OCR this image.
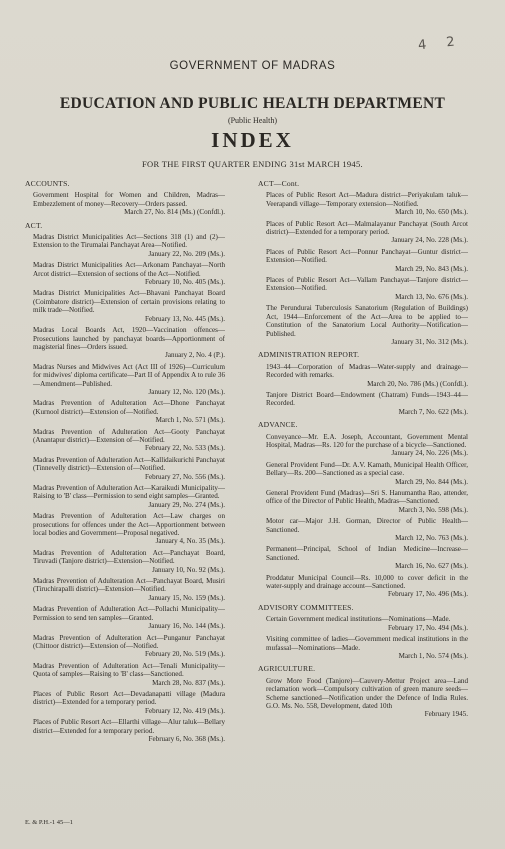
4 2
GOVERNMENT OF MADRAS
EDUCATION AND PUBLIC HEALTH DEPARTMENT
(Public Health)
INDEX
FOR THE FIRST QUARTER ENDING 31st MARCH 1945.
ACCOUNTS.
Government Hospital for Women and Children, Madras—Embezzlement of money—Recovery—Orders passed.
March 27, No. 814 (Ms.) (Confdl.).
ACT.
Madras District Municipalities Act—Sections 318 (1) and (2)—Extension to the Tirumalai Panchayat Area—Notified.
January 22, No. 209 (Ms.).
Madras District Municipalities Act—Arkonam Panchayat—North Arcot district—Extension of sections of the Act—Notified.
February 10, No. 405 (Ms.).
Madras District Municipalities Act—Bhavani Panchayat Board (Coimbatore district)—Extension of certain provisions relating to milk trade—Notified.
February 13, No. 445 (Ms.).
Madras Local Boards Act, 1920—Vaccination offences—Prosecutions launched by panchayat boards—Apportionment of magisterial fines—Orders issued.
January 2, No. 4 (P.).
Madras Nurses and Midwives Act (Act III of 1926)—Curriculum for midwives' diploma certificate—Part II of Appendix A to rule 36—Amendment—Published.
January 12, No. 120 (Ms.).
Madras Prevention of Adulteration Act—Dhone Panchayat (Kurnool district)—Extension of—Notified.
March 1, No. 571 (Ms.).
Madras Prevention of Adulteration Act—Gooty Panchayat (Anantapur district)—Extension of—Notified.
February 22, No. 533 (Ms.).
Madras Prevention of Adulteration Act—Kallidaikurichi Panchayat (Tinnevelly district)—Extension of—Notified.
February 27, No. 556 (Ms.).
Madras Prevention of Adulteration Act—Karaikudi Municipality—Raising to 'B' class—Permission to send eight samples—Granted.
January 29, No. 274 (Ms.).
Madras Prevention of Adulteration Act—Law charges on prosecutions for offences under the Act—Apportionment between local bodies and Government—Proposal negatived.
January 4, No. 35 (Ms.).
Madras Prevention of Adulteration Act—Panchayat Board, Tiruvadi (Tanjore district)—Extension—Notified.
January 10, No. 92 (Ms.).
Madras Prevention of Adulteration Act—Panchayat Board, Musiri (Tiruchirapalli district)—Extension—Notified.
January 15, No. 159 (Ms.).
Madras Prevention of Adulteration Act—Pollachi Municipality—Permission to send ten samples—Granted.
January 16, No. 144 (Ms.).
Madras Prevention of Adulteration Act—Punganur Panchayat (Chittoor district)—Extension of—Notified.
February 20, No. 519 (Ms.).
Madras Prevention of Adulteration Act—Tenali Municipality—Quota of samples—Raising to 'B' class—Sanctioned.
March 28, No. 837 (Ms.).
Places of Public Resort Act—Devadanapatti village (Madura district)—Extended for a temporary period.
February 12, No. 419 (Ms.).
Places of Public Resort Act—Ellarthi village—Alur taluk—Bellary district—Extended for a temporary period.
February 6, No. 368 (Ms.).
ACT—Cont.
Places of Public Resort Act—Madura district—Periyakulam taluk—Veerapandi village—Temporary extension—Notified.
March 10, No. 650 (Ms.).
Places of Public Resort Act—Malmalayanur Panchayat (South Arcot district)—Extended for a temporary period.
January 24, No. 228 (Ms.).
Places of Public Resort Act—Ponnur Panchayat—Guntur district—Extension—Notified.
March 29, No. 843 (Ms.).
Places of Public Resort Act—Vallam Panchayat—Tanjore district—Extension—Notified.
March 13, No. 676 (Ms.).
The Perundurai Tuberculosis Sanatorium (Regulation of Buildings) Act, 1944—Enforcement of the Act—Area to be applied to—Constitution of the Sanatorium Local Authority—Notification—Published.
January 31, No. 312 (Ms.).
ADMINISTRATION REPORT.
1943–44—Corporation of Madras—Water-supply and drainage—Recorded with remarks.
March 20, No. 786 (Ms.) (Confdl.).
Tanjore District Board—Endowment (Chatram) Funds—1943–44—Recorded.
March 7, No. 622 (Ms.).
ADVANCE.
Conveyance—Mr. E.A. Joseph, Accountant, Government Mental Hospital, Madras—Rs. 120 for the purchase of a bicycle—Sanctioned.
January 24, No. 226 (Ms.).
General Provident Fund—Dr. A.V. Kamath, Municipal Health Officer, Bellary—Rs. 200—Sanctioned as a special case.
March 29, No. 844 (Ms.).
General Provident Fund (Madras)—Sri S. Hanumantha Rao, attender, office of the Director of Public Health, Madras—Sanctioned.
March 3, No. 598 (Ms.).
Motor car—Major J.H. Gorman, Director of Public Health—Sanctioned.
March 12, No. 763 (Ms.).
Permanent—Principal, School of Indian Medicine—Increase—Sanctioned.
March 16, No. 627 (Ms.).
Proddatur Municipal Council—Rs. 10,000 to cover deficit in the water-supply and drainage account—Sanctioned.
February 17, No. 496 (Ms.).
ADVISORY COMMITTEES.
Certain Government medical institutions—Nominations—Made.
February 17, No. 494 (Ms.).
Visiting committee of ladies—Government medical institutions in the mufassal—Nominations—Made.
March 1, No. 574 (Ms.).
AGRICULTURE.
Grow More Food (Tanjore)—Cauvery-Mettur Project area—Land reclamation work—Compulsory cultivation of green manure seeds—Scheme sanctioned—Notification under the Defence of India Rules. G.O. Ms. No. 558, Development, dated 10th
February 1945.
E. & P.H.-1 45—1
